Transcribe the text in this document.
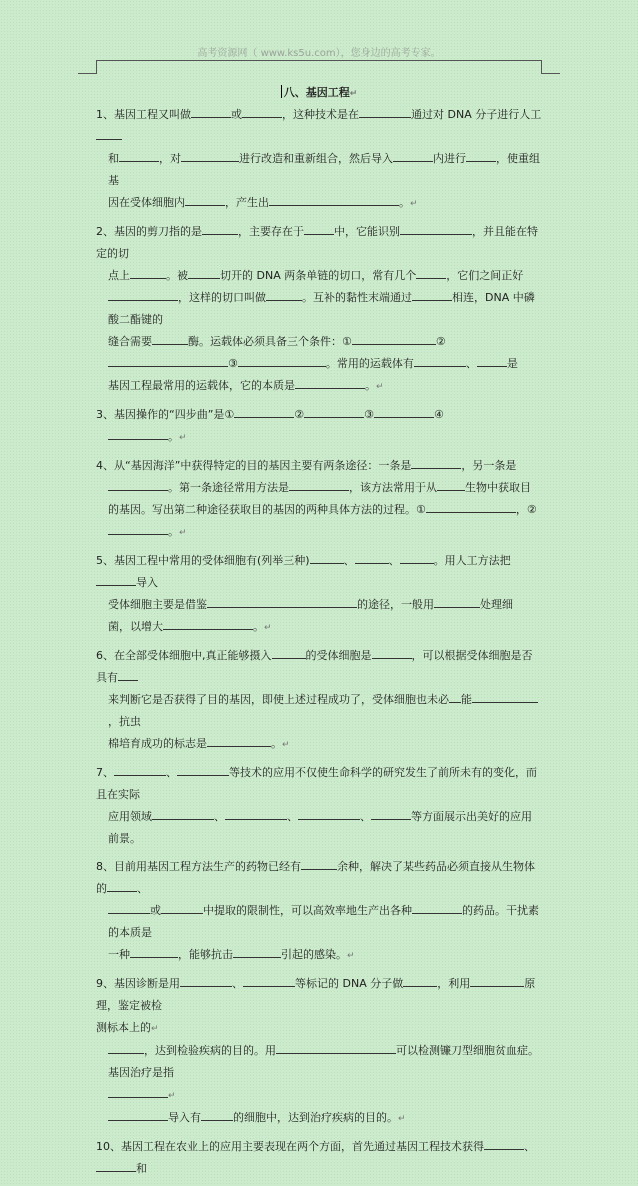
高考资源网（ www.ks5u.com），您身边的高考专家。
八、基因工程↵

1、基因工程又叫做	或	，这种技术是在	通过对 DNA 分子进行人工

和	，对	进行改造和重新组合，然后导入	内进行	，使重组基

因在受体细胞内	，产生出	。↵

2、基因的剪刀指的是	，主要存在于	中，它能识别	，并且能在特定的切

点上	。被	切开的 DNA 两条单链的切口，常有几个	，它们之间正好

，这样的切口叫做	。互补的黏性末端通过	相连，DNA 中磷酸二酯键的

缝合需要	酶。运载体必须具备三个条件：①	②

③	。常用的运载体有	、	是

基因工程最常用的运载体，它的本质是	。↵

3、基因操作的“四步曲”是①	②	③	④

。↵

4、从“基因海洋”中获得特定的目的基因主要有两条途径：一条是	，另一条是

。第一条途径常用方法是	，该方法常用于从	生物中获取目

的基因。写出第二种途径获取目的基因的两种具体方法的过程。①	，②

。↵

5、基因工程中常用的受体细胞有(列举三种)	、	、	。用人工方法把导入

受体细胞主要是借鉴	的途径，一般用	处理细

菌，以增大	。↵

6、在全部受体细胞中,真正能够摄入	的受体细胞是	，可以根据受体细胞是否具有

来判断它是否获得了目的基因，即使上述过程成功了，受体细胞也未必 能，抗虫

棉培育成功的标志是	。↵

7、	、	等技术的应用不仅使生命科学的研究发生了前所未有的变化，而且在实际

应用领域	、	、	、	等方面展示出美好的应用前景。

8、目前用基因工程方法生产的药物已经有	余种，解决了某些药品必须直接从生物体的	、

或	中提取的限制性，可以高效率地生产出各种	的药品。干扰素的本质是

一种	，能够抗击	引起的感染。↵

9、基因诊断是用	、	等标记的 DNA 分子做	，利用	原理，鉴定被检

测标本上的↵

，达到检验疾病的目的。用	可以检测镰刀型细胞贫血症。基因治疗是指

↵

导入有	的细胞中，达到治疗疾病的目的。↵

10、基因工程在农业上的应用主要表现在两个方面，首先通过基因工程技术获得	、和
